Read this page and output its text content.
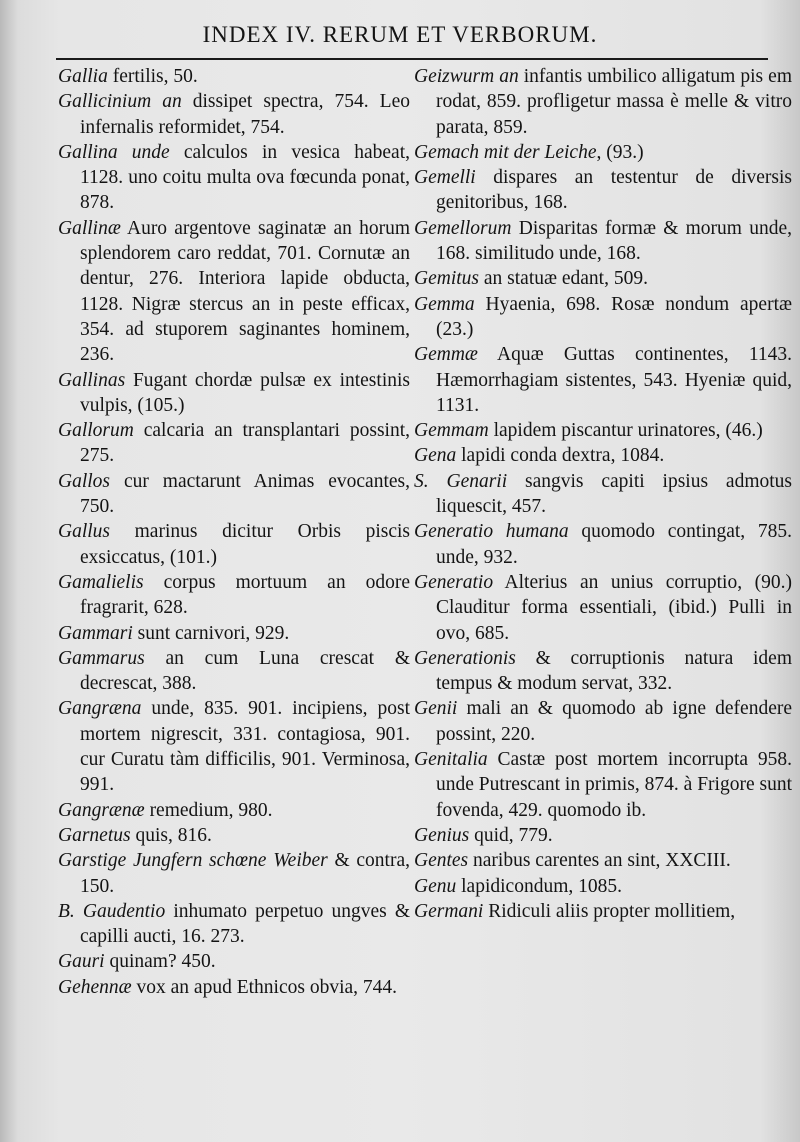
INDEX IV. RERUM ET VERBORUM.

Gallia fertilis, 50.

Gallicinium an dissipet spectra, 754. Leo infernalis reformidet, 754.

Gallina unde calculos in vesica habeat, 1128. uno coitu multa ova fœcunda ponat, 878.

Gallinæ Auro argentove saginatæ an horum splendorem caro reddat, 701. Cornutæ an dentur, 276. Interiora lapide obducta, 1128. Nigræ stercus an in peste efficax, 354. ad stuporem saginantes hominem, 236.

Gallinas Fugant chordæ pulsæ ex intestinis vulpis, (105.)

Gallorum calcaria an transplantari possint, 275.

Gallos cur mactarunt Animas evocantes, 750.

Gallus marinus dicitur Orbis piscis exsiccatus, (101.)

Gamalielis corpus mortuum an odore fragrarit, 628.

Gammari sunt carnivori, 929.

Gammarus an cum Luna crescat & decrescat, 388.

Gangræna unde, 835. 901. incipiens, post mortem nigrescit, 331. contagiosa, 901. cur Curatu tàm difficilis, 901. Verminosa, 991.

Gangrænæ remedium, 980.

Garnetus quis, 816.

Garstige Jungfern schœne Weiber & contra, 150.

B. Gaudentio inhumato perpetuo ungves & capilli aucti, 16. 273.

Gauri quinam? 450.

Gehennæ vox an apud Ethnicos obvia, 744.

Geizwurm an infantis umbilico alligatum pis em rodat, 859. profligetur massa è melle & vitro parata, 859.

Gemach mit der Leiche, (93.)

Gemelli dispares an testentur de diversis genitoribus, 168.

Gemellorum Disparitas formæ & morum unde, 168. similitudo unde, 168.

Gemitus an statuæ edant, 509.

Gemma Hyaenia, 698. Rosæ nondum apertæ (23.)

Gemmæ Aquæ Guttas continentes, 1143. Hæmorrhagiam sistentes, 543. Hyeniæ quid, 1131.

Gemmam lapidem piscantur urinatores, (46.)

Gena lapidi conda dextra, 1084.

S. Genarii sangvis capiti ipsius admotus liquescit, 457.

Generatio humana quomodo contingat, 785. unde, 932.

Generatio Alterius an unius corruptio, (90.) Clauditur forma essentiali, (ibid.) Pulli in ovo, 685.

Generationis & corruptionis natura idem tempus & modum servat, 332.

Genii mali an & quomodo ab igne defendere possint, 220.

Genitalia Castæ post mortem incorrupta 958. unde Putrescant in primis, 874. à Frigore sunt fovenda, 429. quomodo ib.

Genius quid, 779.

Gentes naribus carentes an sint, XXCIII.

Genu lapidicondum, 1085.

Germani Ridiculi aliis propter mollitiem,
